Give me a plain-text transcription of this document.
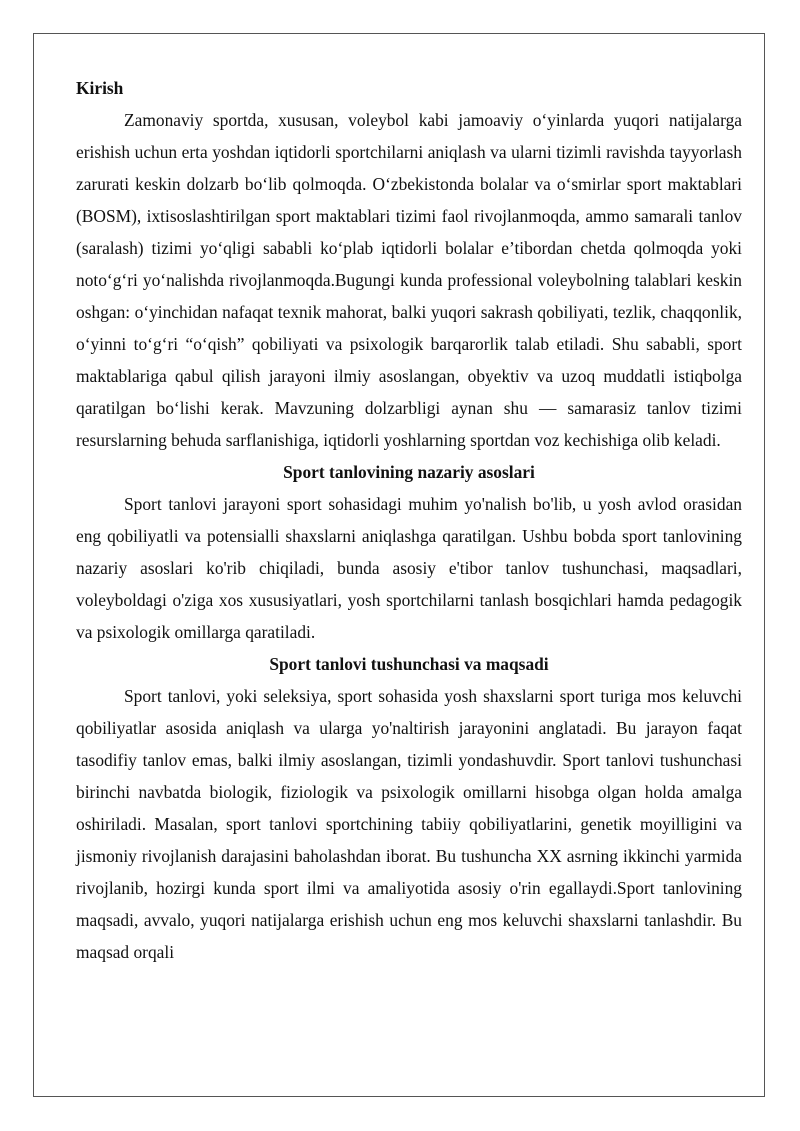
Kirish

Zamonaviy sportda, xususan, voleybol kabi jamoaviy o‘yinlarda yuqori natijalarga erishish uchun erta yoshdan iqtidorli sportchilarni aniqlash va ularni tizimli ravishda tayyorlash zarurati keskin dolzarb bo‘lib qolmoqda. O‘zbekistonda bolalar va o‘smirlar sport maktablari (BOSM), ixtisoslashtirilgan sport maktablari tizimi faol rivojlanmoqda, ammo samarali tanlov (saralash) tizimi yo‘qligi sababli ko‘plab iqtidorli bolalar e’tibordan chetda qolmoqda yoki noto‘g‘ri yo‘nalishda rivojlanmoqda.Bugungi kunda professional voleybolning talablari keskin oshgan: o‘yinchidan nafaqat texnik mahorat, balki yuqori sakrash qobiliyati, tezlik, chaqqonlik, o‘yinni to‘g‘ri “o‘qish” qobiliyati va psixologik barqarorlik talab etiladi. Shu sababli, sport maktablariga qabul qilish jarayoni ilmiy asoslangan, obyektiv va uzoq muddatli istiqbolga qaratilgan bo‘lishi kerak. Mavzuning dolzarbligi aynan shu — samarasiz tanlov tizimi resurslarning behuda sarflanishiga, iqtidorli yoshlarning sportdan voz kechishiga olib keladi.

Sport tanlovining nazariy asoslari

Sport tanlovi jarayoni sport sohasidagi muhim yo'nalish bo'lib, u yosh avlod orasidan eng qobiliyatli va potensialli shaxslarni aniqlashga qaratilgan. Ushbu bobda sport tanlovining nazariy asoslari ko'rib chiqiladi, bunda asosiy e'tibor tanlov tushunchasi, maqsadlari, voleyboldagi o'ziga xos xususiyatlari, yosh sportchilarni tanlash bosqichlari hamda pedagogik va psixologik omillarga qaratiladi.

Sport tanlovi tushunchasi va maqsadi

Sport tanlovi, yoki seleksiya, sport sohasida yosh shaxslarni sport turiga mos keluvchi qobiliyatlar asosida aniqlash va ularga yo'naltirish jarayonini anglatadi. Bu jarayon faqat tasodifiy tanlov emas, balki ilmiy asoslangan, tizimli yondashuvdir. Sport tanlovi tushunchasi birinchi navbatda biologik, fiziologik va psixologik omillarni hisobga olgan holda amalga oshiriladi. Masalan, sport tanlovi sportchining tabiiy qobiliyatlarini, genetik moyilligini va jismoniy rivojlanish darajasini baholashdan iborat. Bu tushuncha XX asrning ikkinchi yarmida rivojlanib, hozirgi kunda sport ilmi va amaliyotida asosiy o'rin egallaydi.Sport tanlovining maqsadi, avvalo, yuqori natijalarga erishish uchun eng mos keluvchi shaxslarni tanlashdir. Bu maqsad orqali
